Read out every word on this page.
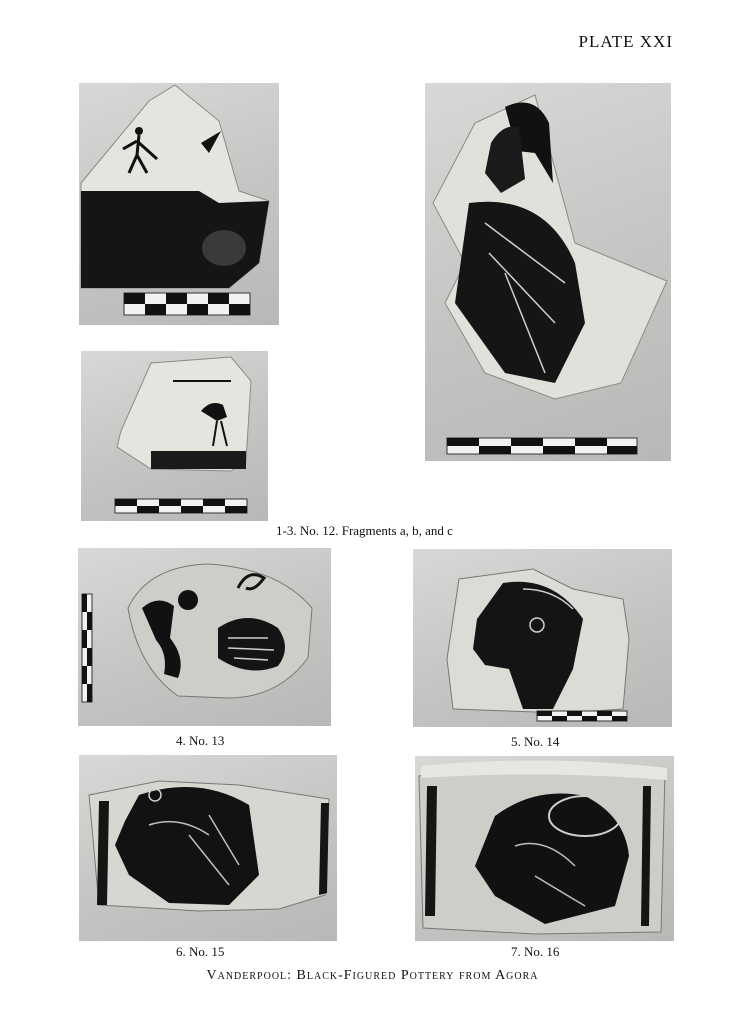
PLATE XXI
1-3. No. 12. Fragments a, b, and c
4. No. 13	5. No. 14
6. No. 15	7. No. 16
Vanderpool: Black-Figured Pottery from Agora
